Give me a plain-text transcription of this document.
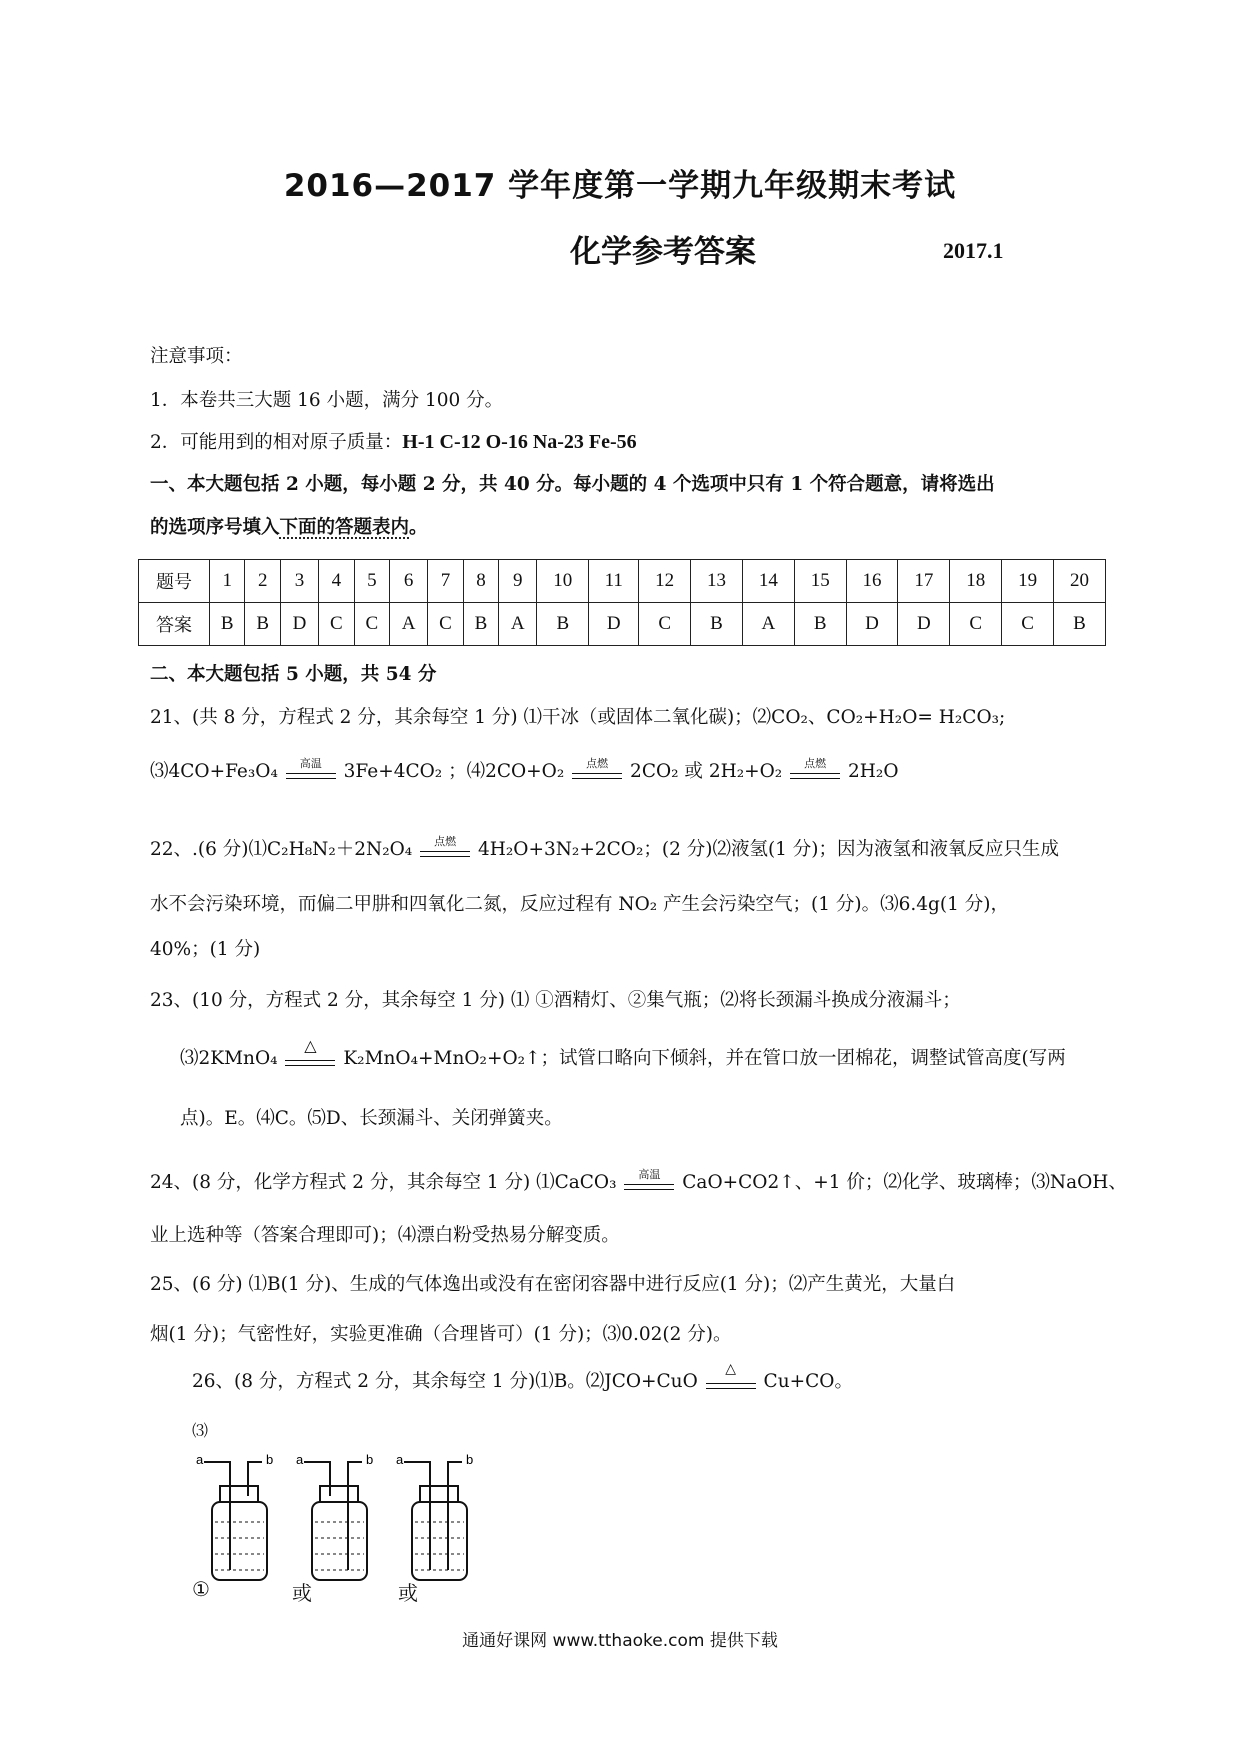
2016—2017 学年度第一学期九年级期末考试
化学参考答案	2017.1
注意事项：
1．本卷共三大题 16 小题，满分 100 分。
2．可能用到的相对原子质量：H-1 C-12 O-16 Na-23 Fe-56
一、本大题包括 2 小题，每小题 2 分，共 40 分。每小题的 4 个选项中只有 1 个符合题意，请将选出
的选项序号填入下面的答题表内。
题号	1	2	3	4	5	6	7	8	9	10	11	12	13	14	15	16	17	18	19	20
答案	B	B	D	C	C	A	C	B	A	B	D	C	B	A	B	D	D	C	C	B
二、本大题包括 5 小题，共 54 分
21、(共 8 分，方程式 2 分，其余每空 1 分) ⑴干冰（或固体二氧化碳)；⑵CO₂、CO₂+H₂O= H₂CO₃;
⑶4CO+Fe₃O₄	高温	3Fe+4CO₂ ；⑷2CO+O₂	点燃	2CO₂ 或 2H₂+O₂	点燃	2H₂O
22、.(6 分)⑴C₂H₈N₂＋2N₂O₄	点燃	4H₂O+3N₂+2CO₂；(2 分)⑵液氢(1 分)；因为液氢和液氧反应只生成
水不会污染环境，而偏二甲肼和四氧化二氮，反应过程有 NO₂ 产生会污染空气；(1 分)。⑶6.4g(1 分)，
40%；(1 分)
23、(10 分，方程式 2 分，其余每空 1 分) ⑴ ①酒精灯、②集气瓶；⑵将长颈漏斗换成分液漏斗；
⑶2KMnO₄
△
K₂MnO₄+MnO₂+O₂↑；试管口略向下倾斜，并在管口放一团棉花，调整试管高度(写两
点)。E。⑷C。⑸D、长颈漏斗、关闭弹簧夹。
24、(8 分，化学方程式 2 分，其余每空 1 分) ⑴CaCO₃	高温	CaO+CO2↑、+1 价；⑵化学、玻璃棒；⑶NaOH、
业上选种等（答案合理即可)；⑷漂白粉受热易分解变质。
25、(6 分) ⑴B(1 分)、生成的气体逸出或没有在密闭容器中进行反应(1 分)；⑵产生黄光，大量白
烟(1 分)；气密性好，实验更准确（合理皆可）(1 分)；⑶0.02(2 分)。
26、(8 分，方程式 2 分，其余每空 1 分)⑴B。⑵JCO+CuO
△
Cu+CO。
⑶
a	b a	b a	b
①	或	或
通通好课网 www.tthaoke.com 提供下载
